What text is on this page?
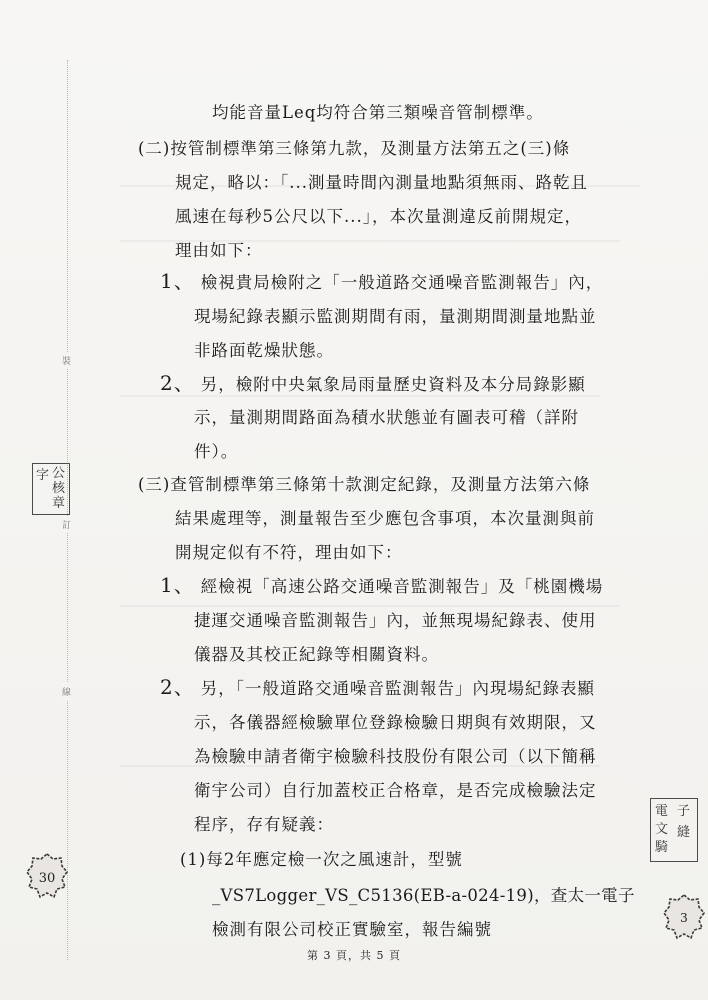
裝
訂
線
字 公
核
章
電 子
文
騎
縫
30
3
均能音量Leq均符合第三類噪音管制標準。
(二)按管制標準第三條第九款，及測量方法第五之(三)條
規定，略以：「...測量時間內測量地點須無雨、路乾且
風速在每秒5公尺以下...」，本次量測違反前開規定，
理由如下：
1、 檢視貴局檢附之「一般道路交通噪音監測報告」內，
現場紀錄表顯示監測期間有雨，量測期間測量地點並
非路面乾燥狀態。
2、 另，檢附中央氣象局雨量歷史資料及本分局錄影顯
示，量測期間路面為積水狀態並有圖表可稽（詳附
件）。
(三)查管制標準第三條第十款測定紀錄，及測量方法第六條
結果處理等，測量報告至少應包含事項，本次量測與前
開規定似有不符，理由如下：
1、 經檢視「高速公路交通噪音監測報告」及「桃園機場
捷運交通噪音監測報告」內，並無現場紀錄表、使用
儀器及其校正紀錄等相關資料。
2、 另，「一般道路交通噪音監測報告」內現場紀錄表顯
示，各儀器經檢驗單位登錄檢驗日期與有效期限，又
為檢驗申請者衛宇檢驗科技股份有限公司（以下簡稱
衛宇公司）自行加蓋校正合格章，是否完成檢驗法定
程序，存有疑義：
(1)每2年應定檢一次之風速計，型號
_VS7Logger_VS_C5136(EB-a-024-19)，查太一電子
檢測有限公司校正實驗室，報告編號
第 3 頁，共 5 頁
